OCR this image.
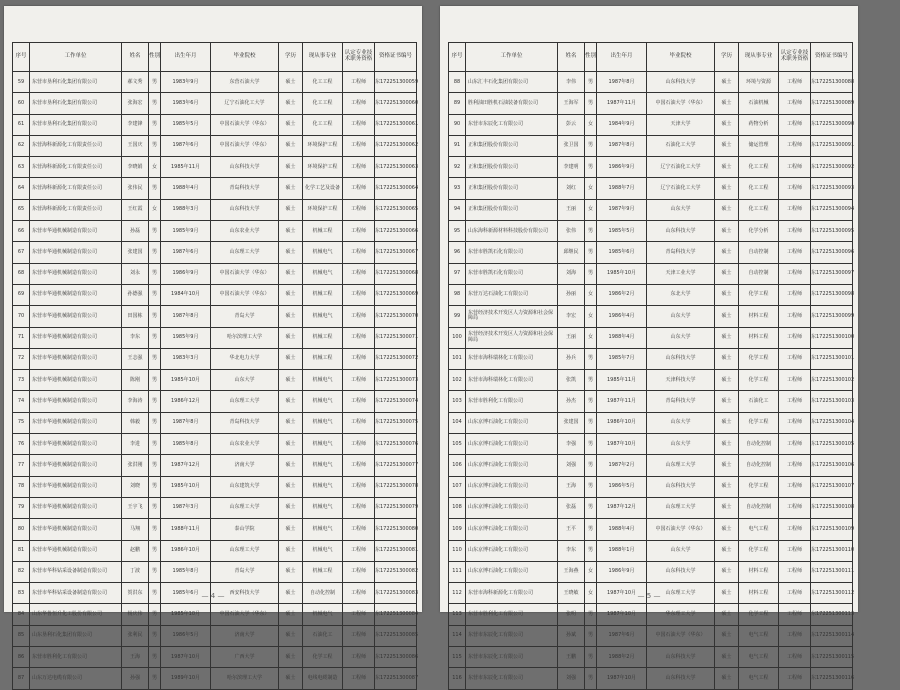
序号	工作单位	姓名	性别	出生年月	毕业院校	学历	现从事专业	认定专业技术职务资格	资格证书编号
59	东营市垦利石化集团有限公司	郝文秀	男	1983年9月	东营石油大学	硕士	化工工程	工程师	东172251300059
60	东营市垦利石化集团有限公司	张海宏	男	1983年6月	辽宁石油化工大学	硕士	化工工程	工程师	东172251300060
61	东营市垦利石化集团有限公司	李建锋	男	1985年5月	中国石油大学（华东）	硕士	化工工程	工程师	东172251300061
62	东营海科新源化工有限责任公司	王国庆	男	1987年6月	中国石油大学（华东）	硕士	环境保护工程	工程师	东172251300062
63	东营海科新源化工有限责任公司	李晓娟	女	1985年11月	山东科技大学	硕士	环境保护工程	工程师	东172251300063
64	东营海科新源化工有限责任公司	张伟民	男	1988年4月	青岛科技大学	硕士	化学工艺及设备	工程师	东172251300064
65	东营海科新源化工有限责任公司	王红霞	女	1988年3月	山东科技大学	硕士	环境保护工程	工程师	东172251300065
66	东营市华通机械制造有限公司	孙磊	男	1985年9月	山东农业大学	硕士	机械工程	工程师	东172251300066
67	东营市华通机械制造有限公司	张建国	男	1987年6月	山东理工大学	硕士	机械电气	工程师	东172251300067
68	东营市华通机械制造有限公司	刘永	男	1986年9月	中国石油大学（华东）	硕士	机械电气	工程师	东172251300068
69	东营市华通机械制造有限公司	孙德强	男	1984年10月	中国石油大学（华东）	硕士	机械工程	工程师	东172251300069
70	东营市华通机械制造有限公司	田国栋	男	1987年8月	青岛大学	硕士	机械电气	工程师	东172251300070
71	东营市华通机械制造有限公司	李东	男	1985年9月	哈尔滨理工大学	硕士	机械工程	工程师	东172251300071
72	东营市华通机械制造有限公司	王志强	男	1983年3月	华北电力大学	硕士	机械工程	工程师	东172251300072
73	东营市华通机械制造有限公司	陈刚	男	1985年10月	山东大学	硕士	机械电气	工程师	东172251300073
74	东营市华通机械制造有限公司	李海涛	男	1986年12月	山东理工大学	硕士	机械电气	工程师	东172251300074
75	东营市华通机械制造有限公司	韩毅	男	1987年8月	青岛科技大学	硕士	机械电气	工程师	东172251300075
76	东营市华通机械制造有限公司	李进	男	1985年8月	山东农业大学	硕士	机械电气	工程师	东172251300076
77	东营市华通机械制造有限公司	张洪刚	男	1987年12月	济南大学	硕士	机械电气	工程师	东172251300077
78	东营市华通机械制造有限公司	刘晓	男	1985年10月	山东建筑大学	硕士	机械电气	工程师	东172251300078
79	东营市华通机械制造有限公司	王宇飞	男	1987年3月	山东理工大学	硕士	机械电气	工程师	东172251300079
80	东营市华通机械制造有限公司	马翔	男	1988年11月	泰山学院	硕士	机械电气	工程师	东172251300080
81	东营市华通机械制造有限公司	赵鹏	男	1986年10月	山东理工大学	硕士	机械电气	工程师	东172251300081
82	东营市华科钻采设备制造有限公司	丁波	男	1985年8月	青岛大学	硕士	机械工程	工程师	东172251300082
83	东营市华科钻采设备制造有限公司	贺洪东	男	1985年6月	西安科技大学	硕士	自动化控制	工程师	东172251300083
84	山东华鲁恒升化工股份有限公司	杨庆伟	男	1985年10月	中国石油大学（华东）	硕士	机械电气	工程师	东172251300084
85	山东垦利石化集团有限公司	张利民	男	1986年5月	济南大学	硕士	石油化工	工程师	东172251300085
86	东营市胜利化工有限公司	王海	男	1987年10月	广西大学	硕士	化学工程	工程师	东172251300086
87	山东万达电缆有限公司	孙强	男	1989年10月	哈尔滨理工大学	硕士	电线电缆制造	工程师	东172251300087
— 4 —
序号	工作单位	姓名	性别	出生年月	毕业院校	学历	现从事专业	认定专业技术职务资格	资格证书编号
88	山东汇丰石化集团有限公司	李伟	男	1987年8月	山东科技大学	硕士	环境与资源	工程师	东172251300088
89	胜利油田胜机石油装备有限公司	王海军	男	1987年11月	中国石油大学（华东）	硕士	石油机械	工程师	东172251300089
90	东营市东辰化工有限公司	彭云	女	1984年9月	天津大学	硕士	药物分析	工程师	东172251300090
91	正和集团股份有限公司	张卫国	男	1987年8月	石油化工大学	硕士	储运管理	工程师	东172251300091
92	正和集团股份有限公司	李建明	男	1986年9月	辽宁石油化工大学	硕士	化工工程	工程师	东172251300092
93	正和集团股份有限公司	刘红	女	1988年7月	辽宁石油化工大学	硕士	化工工程	工程师	东172251300093
94	正和集团股份有限公司	王丽	女	1987年9月	山东大学	硕士	化工工程	工程师	东172251300094
95	山东海科新源材料科技股份有限公司	张伟	男	1985年5月	山东科技大学	硕士	化学分析	工程师	东172251300095
96	东营市胜凯石化有限公司	邱继民	男	1985年6月	青岛科技大学	硕士	自动控制	工程师	东172251300096
97	东营市胜凯石化有限公司	刘海	男	1985年10月	天津工业大学	硕士	自动控制	工程师	东172251300097
98	东营万达石油化工有限公司	孙丽	女	1986年2月	东北大学	硕士	化学工程	工程师	东172251300098
99	东营经济技术开发区人力资源和社会保障局	李宏	女	1986年4月	山东大学	硕士	材料工程	工程师	东172251300099
100	东营经济技术开发区人力资源和社会保障局	王丽	女	1988年4月	山东大学	硕士	材料工程	工程师	东172251300100
101	东营市海科瑞林化工有限公司	孙兵	男	1985年7月	山东科技大学	硕士	化学工程	工程师	东172251300101
102	东营市海科瑞林化工有限公司	张凯	男	1985年11月	天津科技大学	硕士	化学工程	工程师	东172251300102
103	东营市胜利化工有限公司	孙杰	男	1987年11月	青岛科技大学	硕士	石油化工	工程师	东172251300103
104	山东京博石油化工有限公司	张建国	男	1986年10月	山东大学	硕士	化学工程	工程师	东172251300104
105	山东京博石油化工有限公司	李强	男	1987年10月	山东大学	硕士	自动化控制	工程师	东172251300105
106	山东京博石油化工有限公司	刘强	男	1987年2月	山东理工大学	硕士	自动化控制	工程师	东172251300106
107	山东京博石油化工有限公司	王海	男	1986年5月	山东科技大学	硕士	化学工程	工程师	东172251300107
108	山东京博石油化工有限公司	张磊	男	1987年12月	山东理工大学	硕士	自动化控制	工程师	东172251300108
109	山东京博石油化工有限公司	王平	男	1988年4月	中国石油大学（华东）	硕士	电气工程	工程师	东172251300109
110	山东京博石油化工有限公司	李东	男	1988年1月	山东大学	硕士	化学工程	工程师	东172251300110
111	山东京博石油化工有限公司	王海燕	女	1986年9月	山东科技大学	硕士	材料工程	工程师	东172251300111
112	东营市海科新源化工有限公司	王晓敏	女	1987年10月	山东理工大学	硕士	材料工程	工程师	东172251300112
113	东营市胜利化工有限公司	张明	男	1987年10月	华东理工大学	硕士	化学工程	工程师	东172251300113
114	东营市东辰化工有限公司	孙斌	男	1987年6月	中国石油大学（华东）	硕士	电气工程	工程师	东172251300114
115	东营市东辰化工有限公司	王鹏	男	1988年2月	山东科技大学	硕士	电气工程	工程师	东172251300115
116	东营市东辰化工有限公司	刘强	男	1987年10月	山东科技大学	硕士	电气工程	工程师	东172251300116
— 5 —
